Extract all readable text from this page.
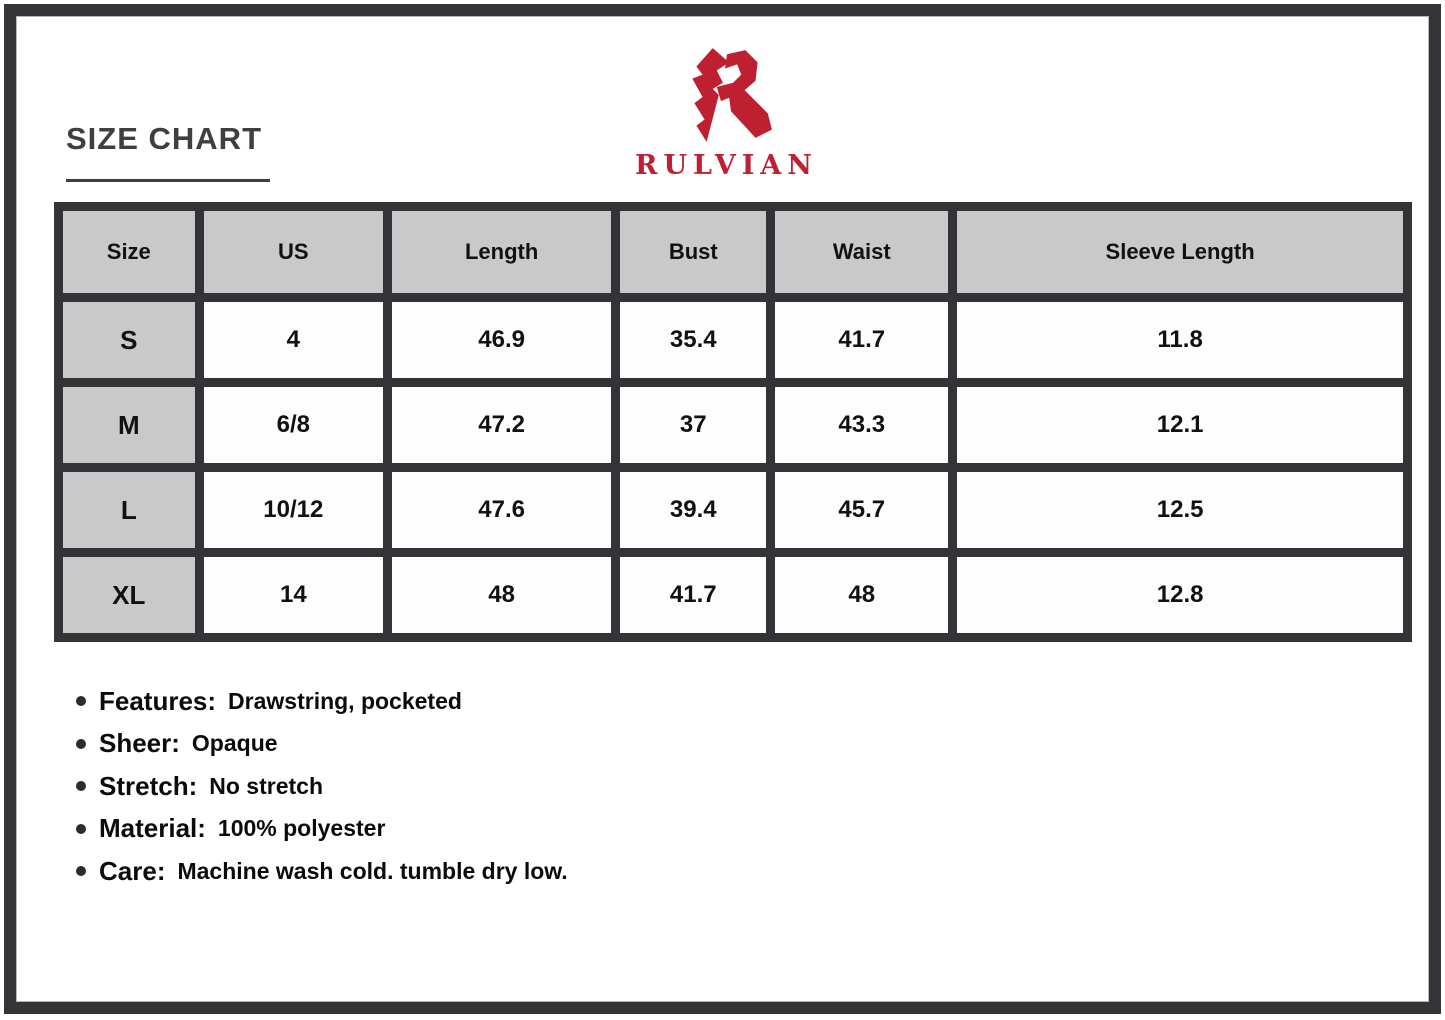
SIZE CHART
RULVIAN
Size	US	Length	Bust	Waist	Sleeve Length
S	4	46.9	35.4	41.7	11.8
M	6/8	47.2	37	43.3	12.1
L	10/12	47.6	39.4	45.7	12.5
XL	14	48	41.7	48	12.8
Features: Drawstring, pocketed
Sheer: Opaque
Stretch: No stretch
Material: 100% polyester
Care: Machine wash cold. tumble dry low.
